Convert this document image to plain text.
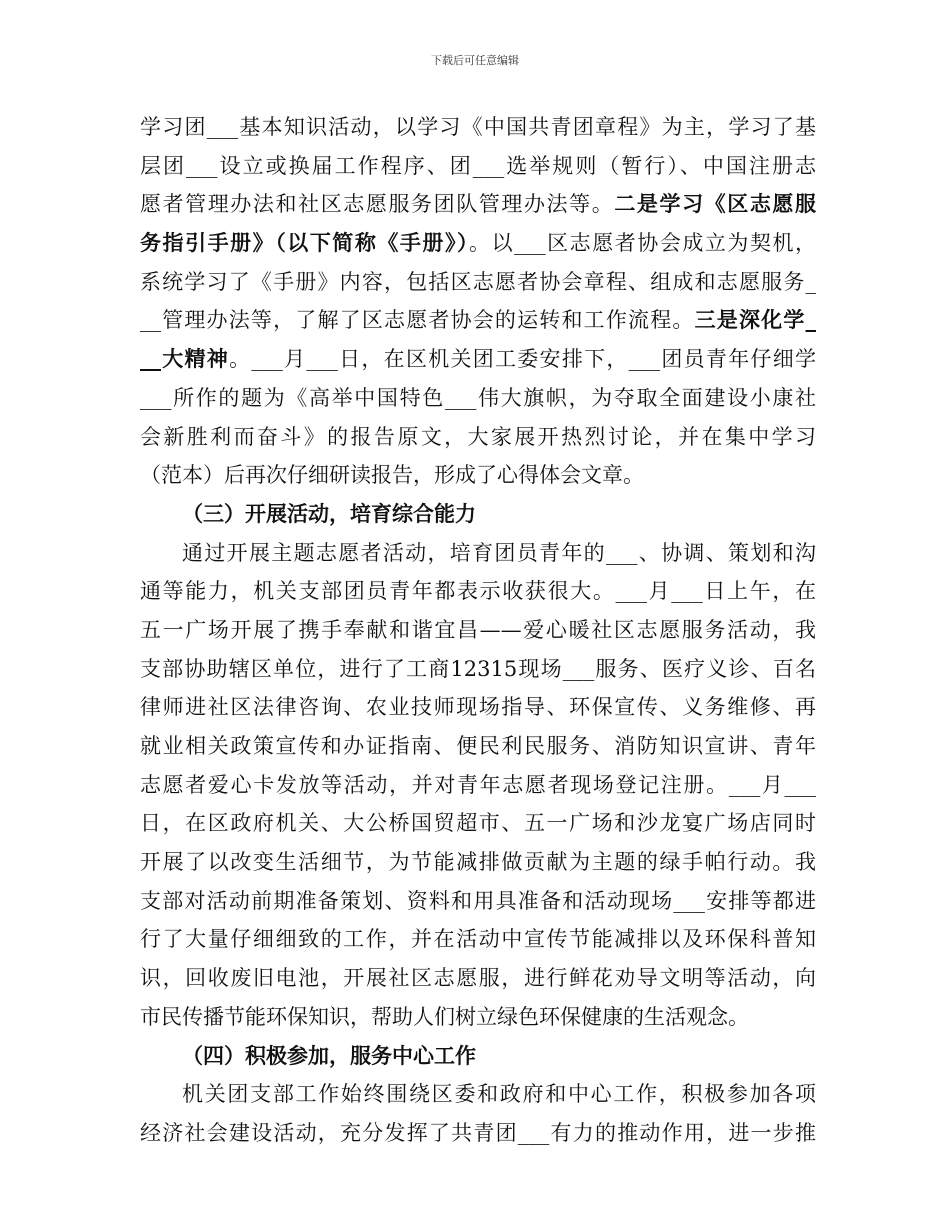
下载后可任意编辑
学习团___基本知识活动，以学习《中国共青团章程》为主，学习了基
层团___设立或换届工作程序、团___选举规则（暂行）、中国注册志
愿者管理办法和社区志愿服务团队管理办法等。二是学习《区志愿服
务指引手册》（以下简称《手册》）。以___区志愿者协会成立为契机，
系统学习了《手册》内容，包括区志愿者协会章程、组成和志愿服务_
__管理办法等，了解了区志愿者协会的运转和工作流程。三是深化学_
__大精神。___月___日，在区机关团工委安排下，___团员青年仔细学
___所作的题为《高举中国特色___伟大旗帜，为夺取全面建设小康社
会新胜利而奋斗》的报告原文，大家展开热烈讨论，并在集中学习
（范本）后再次仔细研读报告，形成了心得体会文章。
（三）开展活动，培育综合能力
通过开展主题志愿者活动，培育团员青年的___、协调、策划和沟
通等能力，机关支部团员青年都表示收获很大。___月___日上午，在
五一广场开展了携手奉献和谐宜昌——爱心暖社区志愿服务活动，我
支部协助辖区单位，进行了工商12315现场___服务、医疗义诊、百名
律师进社区法律咨询、农业技师现场指导、环保宣传、义务维修、再
就业相关政策宣传和办证指南、便民利民服务、消防知识宣讲、青年
志愿者爱心卡发放等活动，并对青年志愿者现场登记注册。___月___
日，在区政府机关、大公桥国贸超市、五一广场和沙龙宴广场店同时
开展了以改变生活细节，为节能减排做贡献为主题的绿手帕行动。我
支部对活动前期准备策划、资料和用具准备和活动现场___安排等都进
行了大量仔细细致的工作，并在活动中宣传节能减排以及环保科普知
识，回收废旧电池，开展社区志愿服，进行鲜花劝导文明等活动，向
市民传播节能环保知识，帮助人们树立绿色环保健康的生活观念。
（四）积极参加，服务中心工作
机关团支部工作始终围绕区委和政府和中心工作，积极参加各项
经济社会建设活动，充分发挥了共青团___有力的推动作用，进一步推
